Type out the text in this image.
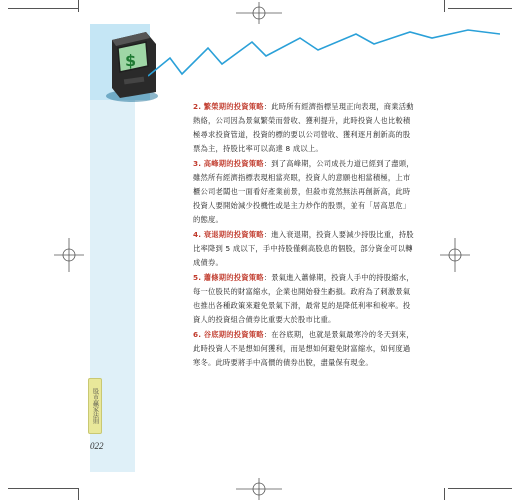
$

2. 繁榮期的投資策略：此時所有經濟指標呈現正向表現，商業活動熱絡，公司因為景氣繁榮而營收、獲利提升，此時投資人也比較積極尋求投資管道，投資的標的要以公司營收、獲利逐月創新高的股票為主，持股比率可以高達 8 成以上。

3. 高峰期的投資策略：到了高峰期，公司成長力道已經到了盡頭，雖然所有經濟指標表現相當亮眼，投資人的意願也相當積極，上市櫃公司老闆也一面看好產業前景，但殺市竟然無法再創新高，此時投資人要開始減少投機性或是主力炒作的股票，並有「居高思危」的態度。

4. 衰退期的投資策略：進入衰退期，投資人要減少持股比重，持股比率降到 5 成以下，手中持股僅剩高股息的個股，部分資金可以轉成債券。

5. 蕭條期的投資策略：景氣進入蕭條期，投資人手中的持股縮水，每一位股民的財富縮水，企業也開始發生虧損。政府為了刺激景氣也推出各種政策來避免景氣下滑，最常見的是降低利率和稅率。投資人的投資組合債券比重要大於股市比重。

6. 谷底期的投資策略：在谷底期，也就是景氣最寒冷的冬天到來，此時投資人不是想如何獲利，而是想如何避免財富縮水，如何度過寒冬。此時要將手中高價的債券出脫，盡量保有現金。

股市贏家法則
022
